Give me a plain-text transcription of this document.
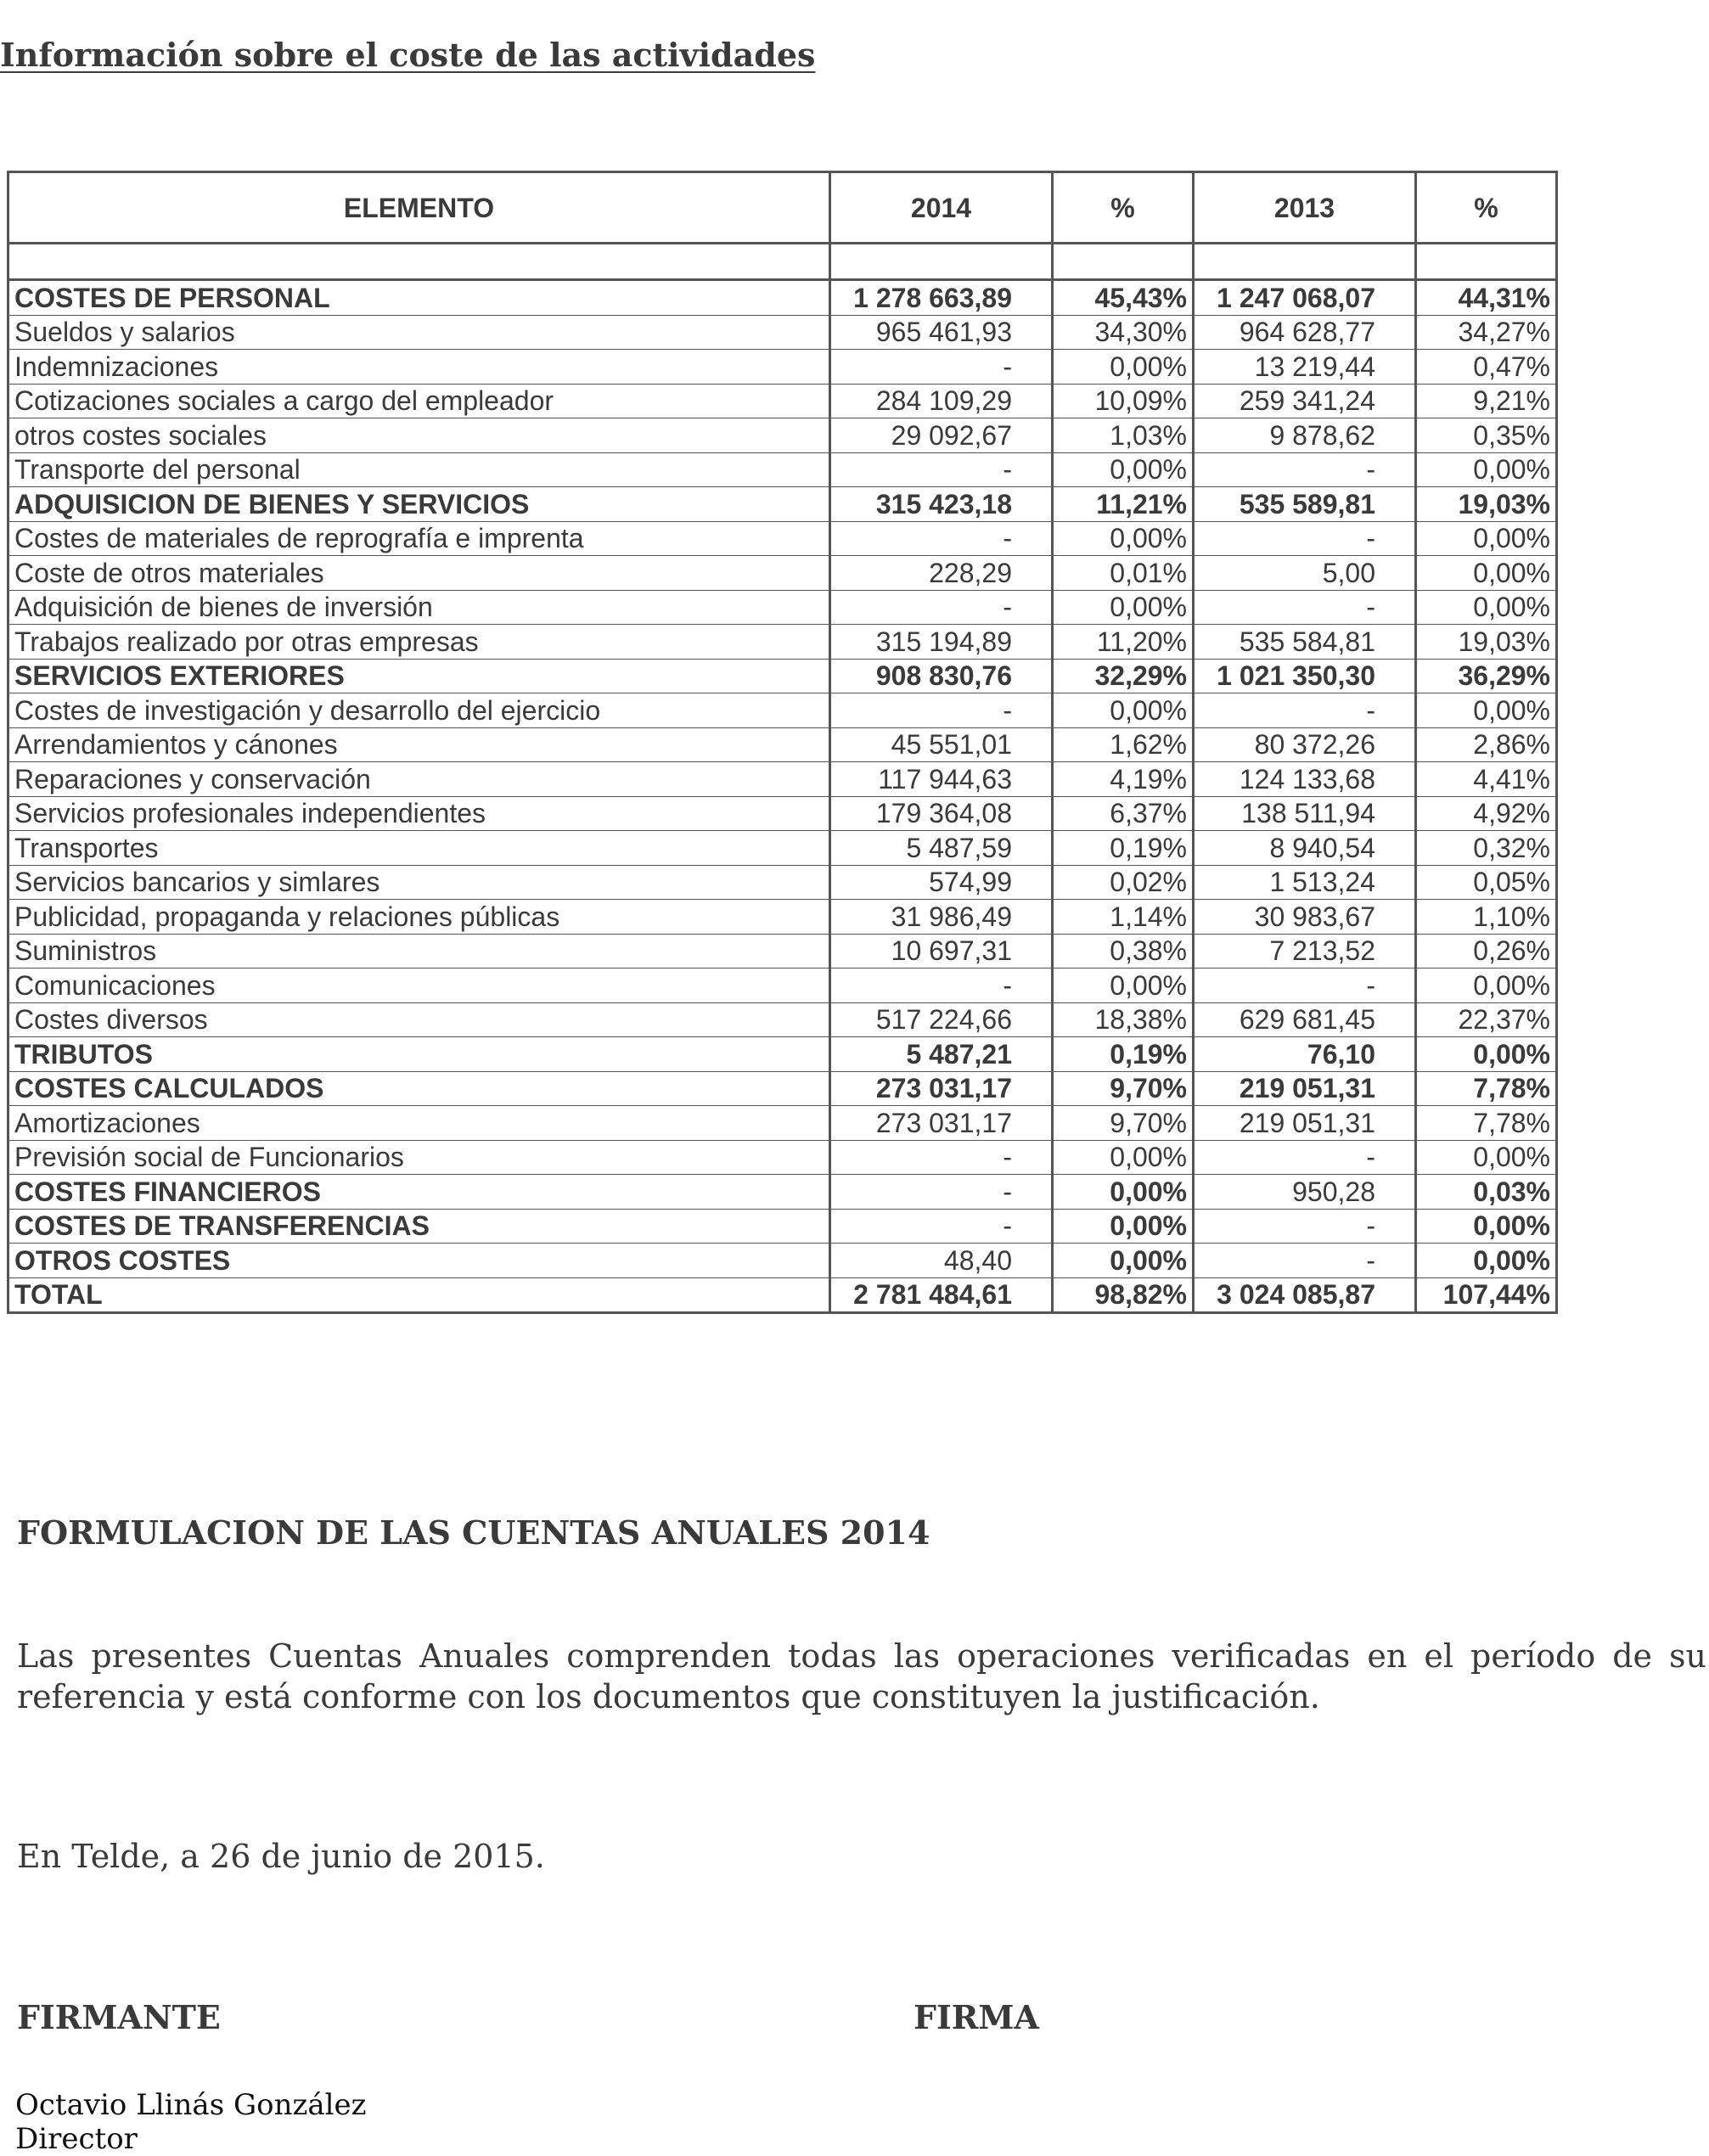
Información sobre el coste de las actividades
ELEMENTO	2014	%	2013	%

COSTES DE PERSONAL	1 278 663,89	45,43%	1 247 068,07	44,31%
Sueldos y salarios	965 461,93	34,30%	964 628,77	34,27%
Indemnizaciones	-	0,00%	13 219,44	0,47%
Cotizaciones sociales a cargo del empleador	284 109,29	10,09%	259 341,24	9,21%
otros costes sociales	29 092,67	1,03%	9 878,62	0,35%
Transporte del personal	-	0,00%	-	0,00%
ADQUISICION DE BIENES Y SERVICIOS	315 423,18	11,21%	535 589,81	19,03%
Costes de materiales de reprografía e imprenta	-	0,00%	-	0,00%
Coste de otros materiales	228,29	0,01%	5,00	0,00%
Adquisición de bienes de inversión	-	0,00%	-	0,00%
Trabajos realizado por otras empresas	315 194,89	11,20%	535 584,81	19,03%
SERVICIOS EXTERIORES	908 830,76	32,29%	1 021 350,30	36,29%
Costes de investigación y desarrollo del ejercicio	-	0,00%	-	0,00%
Arrendamientos y cánones	45 551,01	1,62%	80 372,26	2,86%
Reparaciones y conservación	117 944,63	4,19%	124 133,68	4,41%
Servicios profesionales independientes	179 364,08	6,37%	138 511,94	4,92%
Transportes	5 487,59	0,19%	8 940,54	0,32%
Servicios bancarios y simlares	574,99	0,02%	1 513,24	0,05%
Publicidad, propaganda y relaciones públicas	31 986,49	1,14%	30 983,67	1,10%
Suministros	10 697,31	0,38%	7 213,52	0,26%
Comunicaciones	-	0,00%	-	0,00%
Costes diversos	517 224,66	18,38%	629 681,45	22,37%
TRIBUTOS	5 487,21	0,19%	76,10	0,00%
COSTES CALCULADOS	273 031,17	9,70%	219 051,31	7,78%
Amortizaciones	273 031,17	9,70%	219 051,31	7,78%
Previsión social de Funcionarios	-	0,00%	-	0,00%
COSTES FINANCIEROS	-	0,00%	950,28	0,03%
COSTES DE TRANSFERENCIAS	-	0,00%	-	0,00%
OTROS COSTES	48,40	0,00%	-	0,00%
TOTAL	2 781 484,61	98,82%	3 024 085,87	107,44%
FORMULACION DE LAS CUENTAS ANUALES 2014
Las presentes Cuentas Anuales comprenden todas las operaciones verificadas en el período de su referencia y está conforme con los documentos que constituyen la justificación.
En Telde, a 26 de junio de 2015.
FIRMANTE	FIRMA
Octavio Llinás González
Director
